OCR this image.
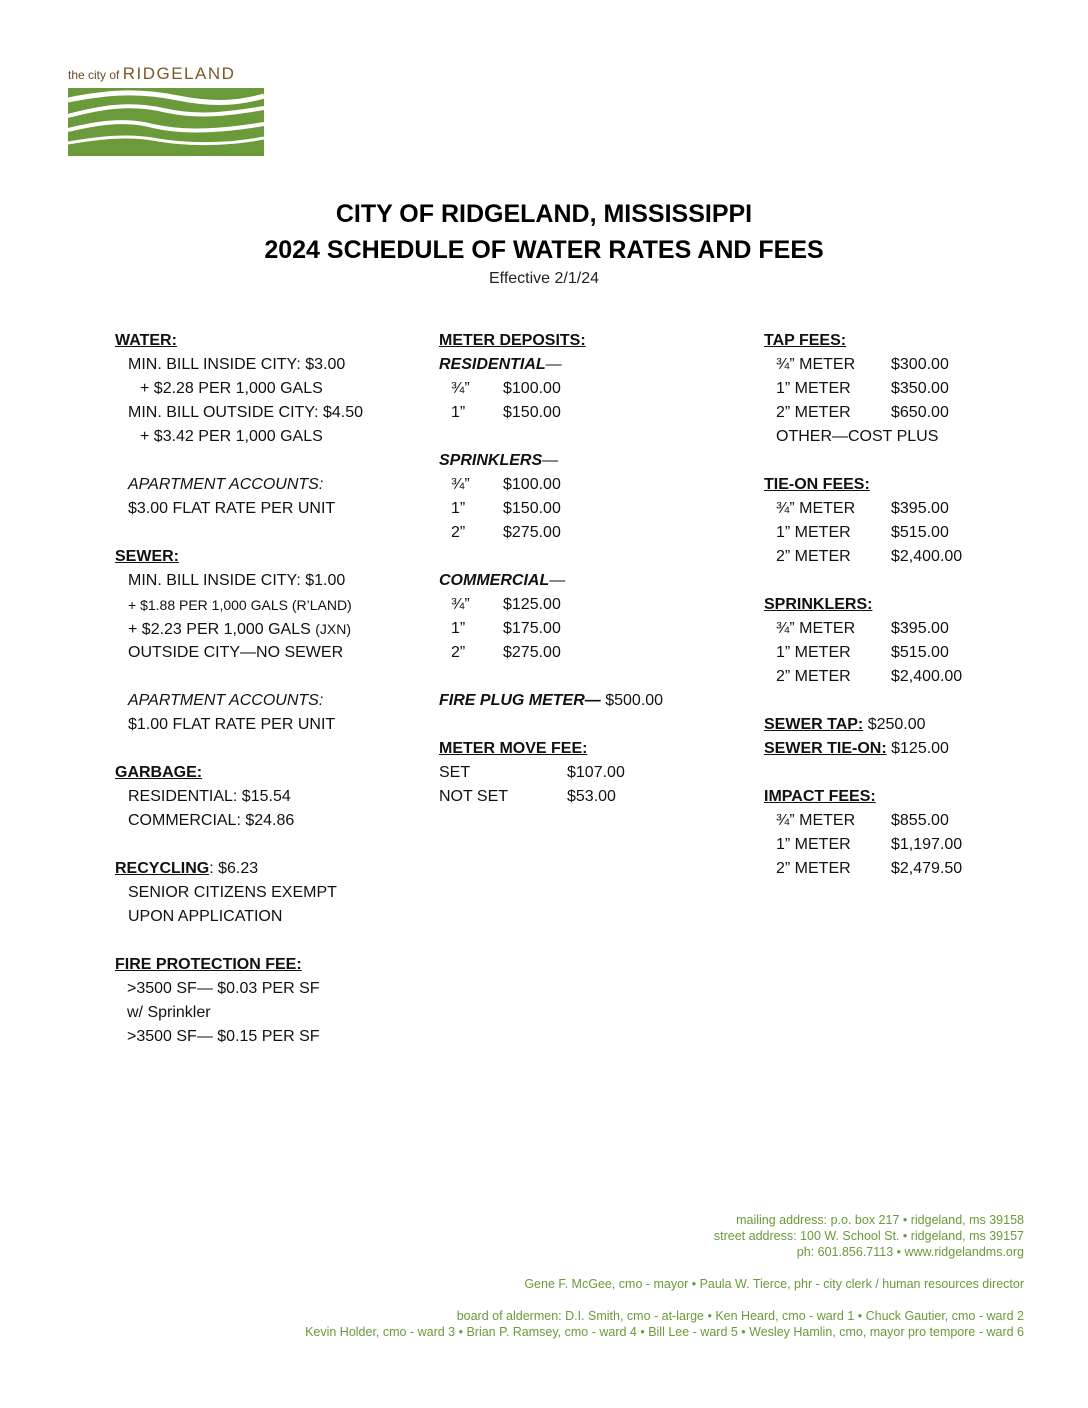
the city of RIDGELAND
CITY OF RIDGELAND, MISSISSIPPI
2024 SCHEDULE OF WATER RATES AND FEES
Effective 2/1/24
WATER:
MIN. BILL INSIDE CITY: $3.00
+ $2.28 PER 1,000 GALS
MIN. BILL OUTSIDE CITY: $4.50
+ $3.42 PER 1,000 GALS
APARTMENT ACCOUNTS:
$3.00 FLAT RATE PER UNIT
SEWER:
MIN. BILL INSIDE CITY: $1.00
+ $1.88 PER 1,000 GALS (R’LAND)
+ $2.23 PER 1,000 GALS (JXN)
OUTSIDE CITY—NO SEWER
APARTMENT ACCOUNTS:
$1.00 FLAT RATE PER UNIT
GARBAGE:
RESIDENTIAL: $15.54
COMMERCIAL: $24.86
RECYCLING: $6.23
SENIOR CITIZENS EXEMPT
UPON APPLICATION
FIRE PROTECTION FEE:
>3500 SF— $0.03 PER SF
w/ Sprinkler
>3500 SF— $0.15 PER SF
METER DEPOSITS:
RESIDENTIAL—
¾” $100.00
1” $150.00
SPRINKLERS—
¾” $100.00
1” $150.00
2” $275.00
COMMERCIAL—
¾” $125.00
1” $175.00
2” $275.00
FIRE PLUG METER— $500.00
METER MOVE FEE:
SET	$107.00
NOT SET	$53.00
TAP FEES:
¾” METER $300.00
1” METER	$350.00
2” METER	$650.00
OTHER—COST PLUS
TIE-ON FEES:
¾” METER $395.00
1” METER	$515.00
2” METER	$2,400.00
SPRINKLERS:
¾” METER $395.00
1” METER	$515.00
2” METER	$2,400.00
SEWER TAP: $250.00
SEWER TIE-ON: $125.00
IMPACT FEES:
¾” METER $855.00
1” METER	$1,197.00
2” METER	$2,479.50
mailing address: p.o. box 217 • ridgeland, ms 39158
street address: 100 W. School St. • ridgeland, ms 39157
ph: 601.856.7113 • www.ridgelandms.org
Gene F. McGee, cmo - mayor • Paula W. Tierce, phr - city clerk / human resources director
board of aldermen: D.I. Smith, cmo - at-large • Ken Heard, cmo - ward 1 • Chuck Gautier, cmo - ward 2
Kevin Holder, cmo - ward 3 • Brian P. Ramsey, cmo - ward 4 • Bill Lee - ward 5 • Wesley Hamlin, cmo, mayor pro tempore - ward 6
